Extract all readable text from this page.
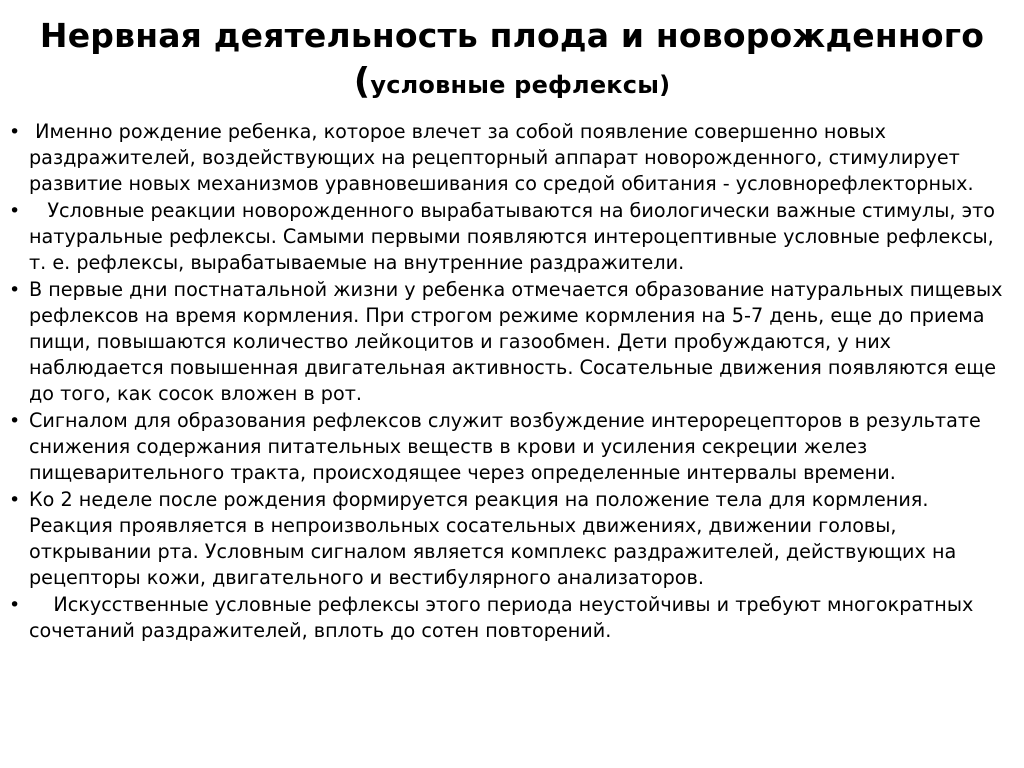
Нервная деятельность плода и новорожденного
(условные рефлексы)
• Именно рождение ребенка, которое влечет за собой появление совершенно новых раздражителей, воздействующих на рецепторный аппарат новорожденного, стимулирует развитие новых механизмов уравновешивания со средой обитания - условнорефлекторных.
• Условные реакции новорожденного вырабатываются на биологически важные стимулы, это натуральные рефлексы. Самыми первыми появляются интероцептивные условные рефлексы, т. е. рефлексы, вырабатываемые на внутренние раздражители.
• В первые дни постнатальной жизни у ребенка отмечается образование натуральных пищевых рефлексов на время кормления. При строгом режиме кормления на 5-7 день, еще до приема пищи, повышаются количество лейкоцитов и газообмен. Дети пробуждаются, у них наблюдается повышенная двигательная активность. Сосательные движения появляются еще до того, как сосок вложен в рот.
• Сигналом для образования рефлексов служит возбуждение интерорецепторов в результате снижения содержания питательных веществ в крови и усиления секреции желез пищеварительного тракта, происходящее через определенные интервалы времени.
• Ко 2 неделе после рождения формируется реакция на положение тела для кормления. Реакция проявляется в непроизвольных сосательных движениях, движении головы, открывании рта. Условным сигналом является комплекс раздражителей, действующих на рецепторы кожи, двигательного и вестибулярного анализаторов.
• Искусственные условные рефлексы этого периода неустойчивы и требуют многократных сочетаний раздражителей, вплоть до сотен повторений.
